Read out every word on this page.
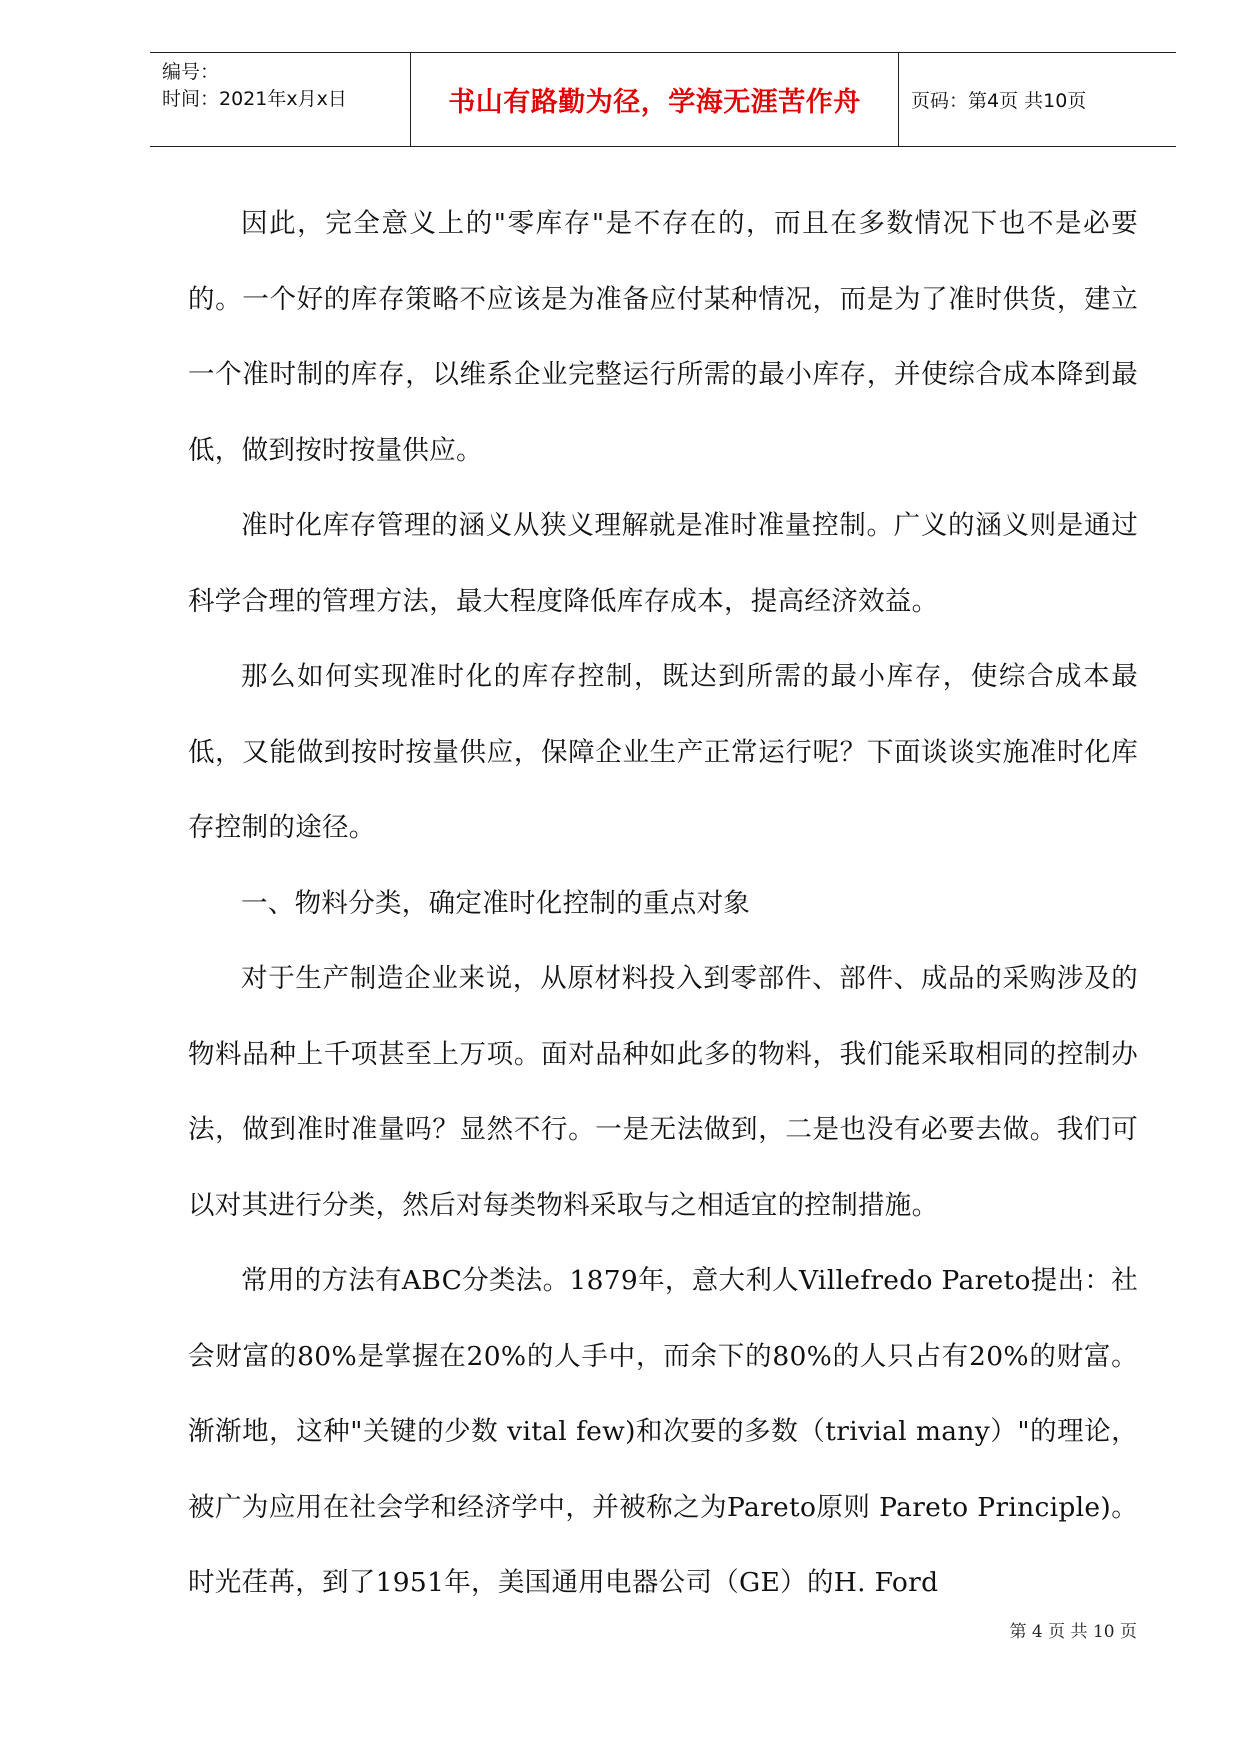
编号：
时间：2021年x月x日	书山有路勤为径，学海无涯苦作舟	页码：第4页 共10页

因此，完全意义上的"零库存"是不存在的，而且在多数情况下也不是必要的。一个好的库存策略不应该是为准备应付某种情况，而是为了准时供货，建立一个准时制的库存，以维系企业完整运行所需的最小库存，并使综合成本降到最低，做到按时按量供应。

准时化库存管理的涵义从狭义理解就是准时准量控制。广义的涵义则是通过科学合理的管理方法，最大程度降低库存成本，提高经济效益。

那么如何实现准时化的库存控制，既达到所需的最小库存，使综合成本最低，又能做到按时按量供应，保障企业生产正常运行呢？下面谈谈实施准时化库存控制的途径。

一、物料分类，确定准时化控制的重点对象

对于生产制造企业来说，从原材料投入到零部件、部件、成品的采购涉及的物料品种上千项甚至上万项。面对品种如此多的物料，我们能采取相同的控制办法，做到准时准量吗？显然不行。一是无法做到，二是也没有必要去做。我们可以对其进行分类，然后对每类物料采取与之相适宜的控制措施。

常用的方法有ABC分类法。1879年，意大利人Villefredo Pareto提出：社会财富的80%是掌握在20%的人手中，而余下的80%的人只占有20%的财富。渐渐地，这种"关键的少数 vital few)和次要的多数（trivial many）"的理论，被广为应用在社会学和经济学中，并被称之为Pareto原则 Pareto Principle)。时光荏苒，到了1951年，美国通用电器公司（GE）的H. Ford

第 4 页 共 10 页
